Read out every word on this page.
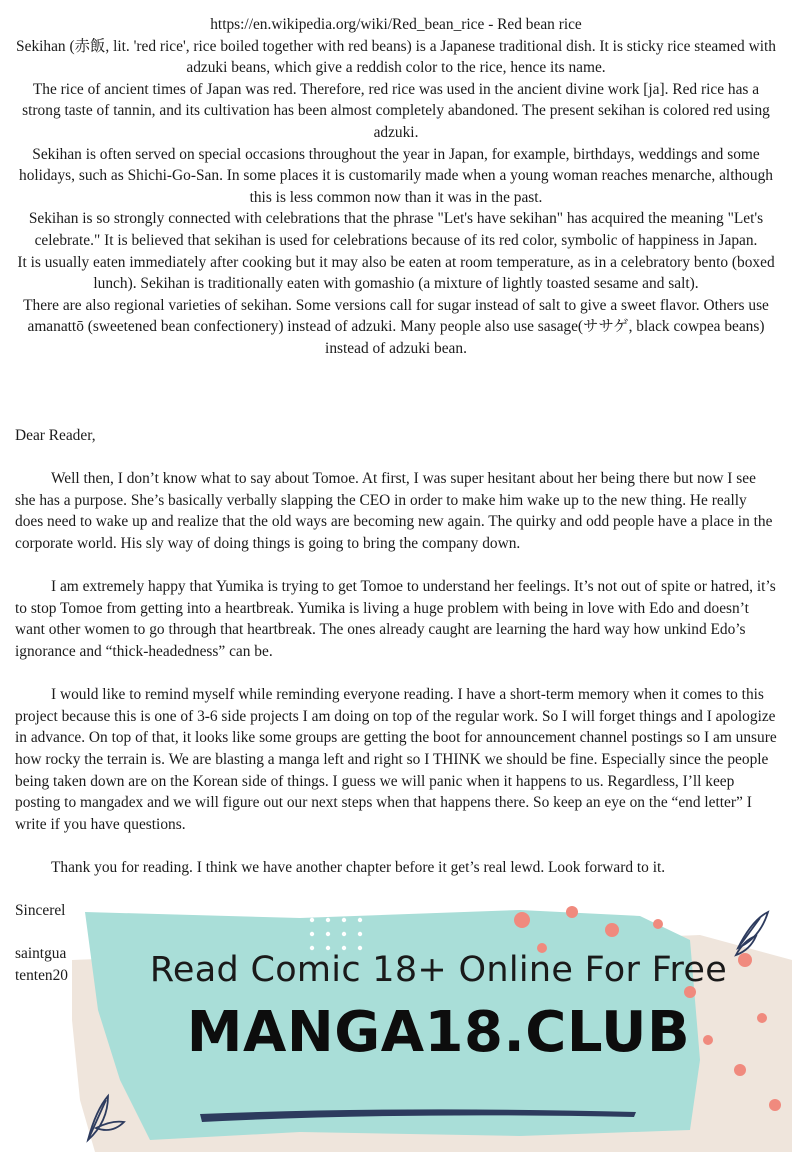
https://en.wikipedia.org/wiki/Red_bean_rice - Red bean rice

Sekihan (赤飯, lit. 'red rice', rice boiled together with red beans) is a Japanese traditional dish. It is sticky rice steamed with adzuki beans, which give a reddish color to the rice, hence its name.

The rice of ancient times of Japan was red. Therefore, red rice was used in the ancient divine work [ja]. Red rice has a strong taste of tannin, and its cultivation has been almost completely abandoned. The present sekihan is colored red using adzuki.

Sekihan is often served on special occasions throughout the year in Japan, for example, birthdays, weddings and some holidays, such as Shichi-Go-San. In some places it is customarily made when a young woman reaches menarche, although this is less common now than it was in the past.

Sekihan is so strongly connected with celebrations that the phrase "Let's have sekihan" has acquired the meaning "Let's celebrate." It is believed that sekihan is used for celebrations because of its red color, symbolic of happiness in Japan.

It is usually eaten immediately after cooking but it may also be eaten at room temperature, as in a celebratory bento (boxed lunch). Sekihan is traditionally eaten with gomashio (a mixture of lightly toasted sesame and salt).

There are also regional varieties of sekihan. Some versions call for sugar instead of salt to give a sweet flavor. Others use amanattō (sweetened bean confectionery) instead of adzuki. Many people also use sasage(ササゲ, black cowpea beans) instead of adzuki bean.

Dear Reader,

Well then, I don’t know what to say about Tomoe. At first, I was super hesitant about her being there but now I see she has a purpose. She’s basically verbally slapping the CEO in order to make him wake up to the new thing. He really does need to wake up and realize that the old ways are becoming new again. The quirky and odd people have a place in the corporate world. His sly way of doing things is going to bring the company down.

I am extremely happy that Yumika is trying to get Tomoe to understand her feelings. It’s not out of spite or hatred, it’s to stop Tomoe from getting into a heartbreak. Yumika is living a huge problem with being in love with Edo and doesn’t want other women to go through that heartbreak. The ones already caught are learning the hard way how unkind Edo’s ignorance and “thick-headedness” can be.

I would like to remind myself while reminding everyone reading. I have a short-term memory when it comes to this project because this is one of 3-6 side projects I am doing on top of the regular work. So I will forget things and I apologize in advance. On top of that, it looks like some groups are getting the boot for announcement channel postings so I am unsure how rocky the terrain is. We are blasting a manga left and right so I THINK we should be fine. Especially since the people being taken down are on the Korean side of things. I guess we will panic when it happens to us. Regardless, I’ll keep posting to mangadex and we will figure out our next steps when that happens there. So keep an eye on the “end letter” I write if you have questions.

Thank you for reading. I think we have another chapter before it get’s real lewd. Look forward to it.

Sincerel

saintgua

tenten20	Read Comic 18+ Online For Free
MANGA18.CLUB
